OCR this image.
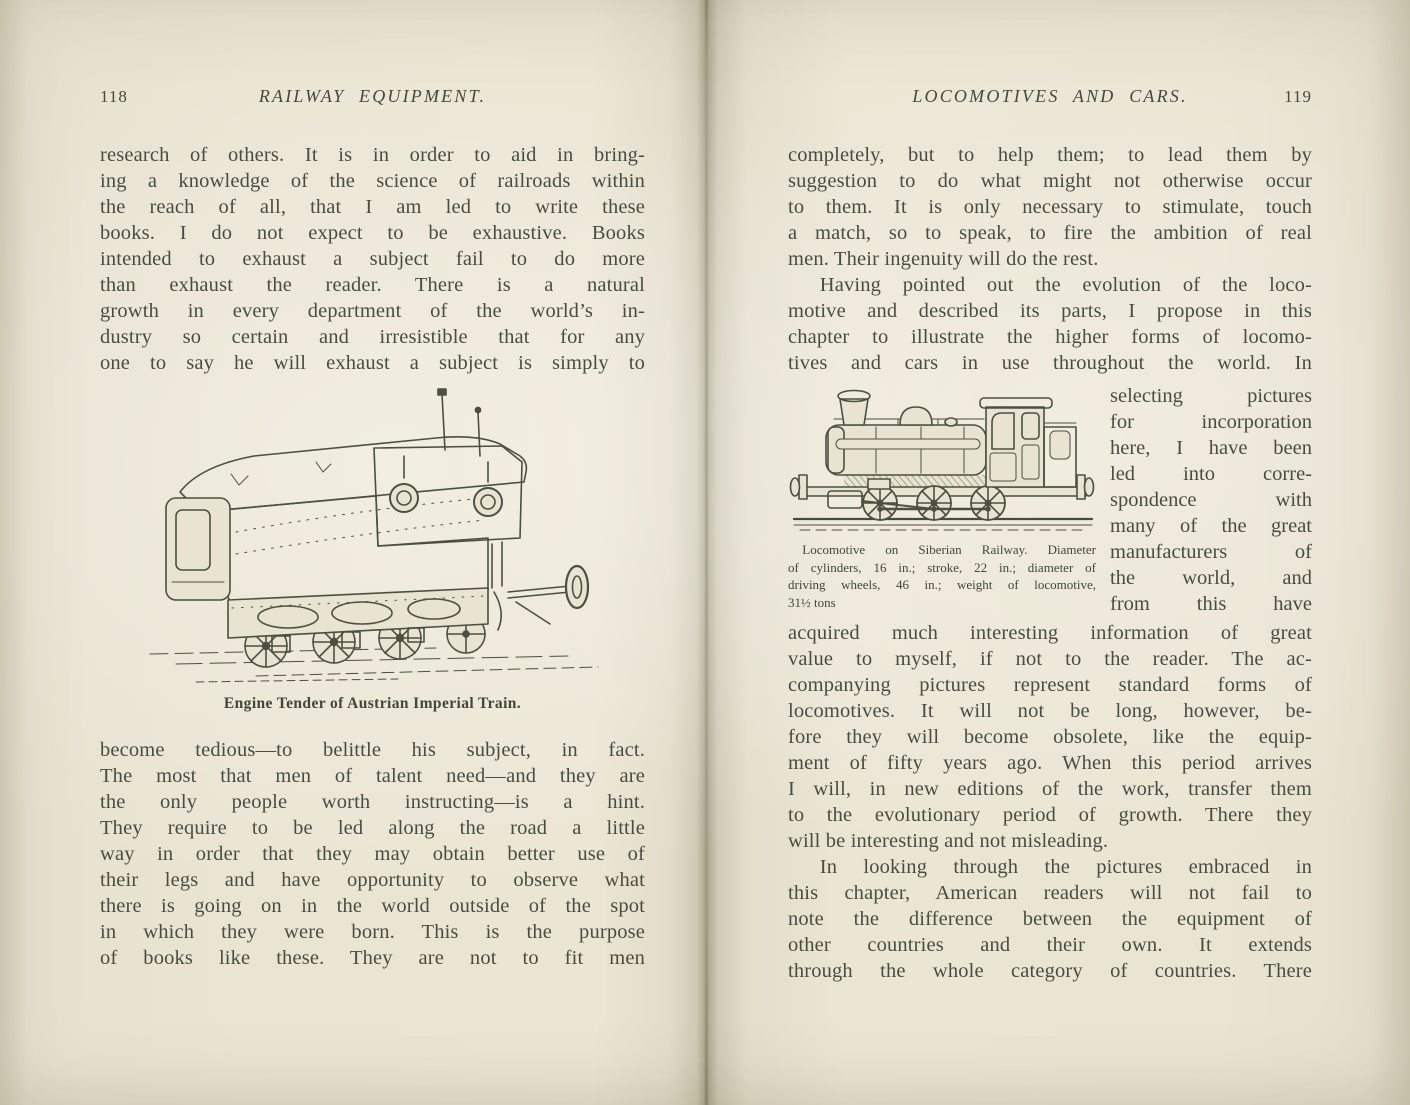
118	RAILWAY EQUIPMENT.
research of others. It is in order to aid in bring-
ing a knowledge of the science of railroads within
the reach of all, that I am led to write these
books. I do not expect to be exhaustive. Books
intended to exhaust a subject fail to do more
than exhaust the reader. There is a natural
growth in every department of the world’s in-
dustry so certain and irresistible that for any
one to say he will exhaust a subject is simply to
Engine Tender of Austrian Imperial Train.
become tedious—to belittle his subject, in fact.
The most that men of talent need—and they are
the only people worth instructing—is a hint.
They require to be led along the road a little
way in order that they may obtain better use of
their legs and have opportunity to observe what
there is going on in the world outside of the spot
in which they were born. This is the purpose
of books like these. They are not to fit men
LOCOMOTIVES AND CARS.	119
completely, but to help them; to lead them by
suggestion to do what might not otherwise occur
to them. It is only necessary to stimulate, touch
a match, so to speak, to fire the ambition of real
men. Their ingenuity will do the rest.
Having pointed out the evolution of the loco-
motive and described its parts, I propose in this
chapter to illustrate the higher forms of locomo-
tives and cars in use throughout the world. In
Locomotive on Siberian Railway. Diameter
of cylinders, 16 in.; stroke, 22 in.; diameter of
driving wheels, 46 in.; weight of locomotive,
31½ tons
selecting pictures
for incorporation
here, I have been
led into corre-
spondence with
many of the great
manufacturers of
the world, and
from this have
acquired much interesting information of great
value to myself, if not to the reader. The ac-
companying pictures represent standard forms of
locomotives. It will not be long, however, be-
fore they will become obsolete, like the equip-
ment of fifty years ago. When this period arrives
I will, in new editions of the work, transfer them
to the evolutionary period of growth. There they
will be interesting and not misleading.
In looking through the pictures embraced in
this chapter, American readers will not fail to
note the difference between the equipment of
other countries and their own. It extends
through the whole category of countries. There
